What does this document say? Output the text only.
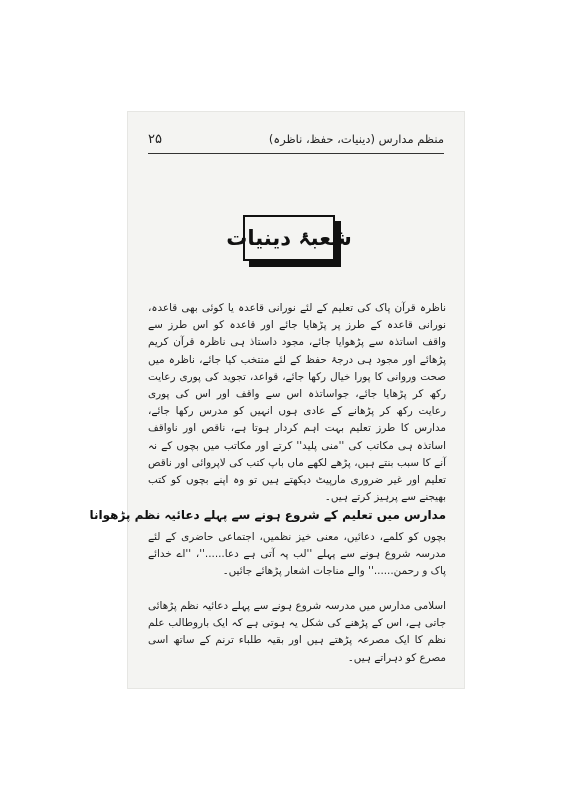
۲۵	منظم مدارس (دینیات، حفظ، ناظرہ)
شعبۂ دینیات

ناظرہ قرآن پاک کی تعلیم کے لئے نورانی قاعدہ یا کوئی بھی قاعدہ، نورانی قاعدہ کے طرز پر پڑھایا جائے اور قاعدہ کو اس طرز سے واقف اساتذہ سے پڑھوایا جائے، مجود داستاذ ہی ناظرہ قرآن کریم پڑھائے اور مجود ہی درجۂ حفظ کے لئے منتخب کیا جائے، ناظرہ میں صحت وروانی کا پورا خیال رکھا جائے، قواعد، تجوید کی پوری رعایت رکھ کر پڑھایا جائے، جواساتذہ اس سے واقف اور اس کی پوری رعایت رکھ کر پڑھانے کے عادی ہوں انہیں کو مدرس رکھا جائے، مدارس کا طرز تعلیم بہت اہم کردار ہوتا ہے، ناقص اور ناواقف اساتذہ ہی مکاتب کی ''منی پلید'' کرتے اور مکاتب میں بچوں کے نہ آنے کا سبب بنتے ہیں، پڑھے لکھے ماں باپ کتب کی لاپروائی اور ناقص تعلیم اور غیر ضروری مارپیٹ دیکھتے ہیں تو وہ اپنے بچوں کو کتب بھیجنے سے پرہیز کرتے ہیں۔

مدارس میں تعلیم کے شروع ہونے سے پہلے دعائیہ نظم پڑھوانا

بچوں کو کلمے، دعائیں، معنی خیز نظمیں، اجتماعی حاضری کے لئے مدرسہ شروع ہونے سے پہلے ''لب پہ آتی ہے دعا......''، ''اے خدائے پاک و رحمن......'' والے مناجات اشعار پڑھائے جائیں۔

اسلامی مدارس میں مدرسہ شروع ہونے سے پہلے دعائیہ نظم پڑھائی جاتی ہے، اس کے پڑھنے کی شکل یہ ہوتی ہے کہ ایک باروطالب علم نظم کا ایک مصرعہ پڑھتے ہیں اور بقیہ طلباء ترنم کے ساتھ اسی مصرع کو دہراتے ہیں۔
